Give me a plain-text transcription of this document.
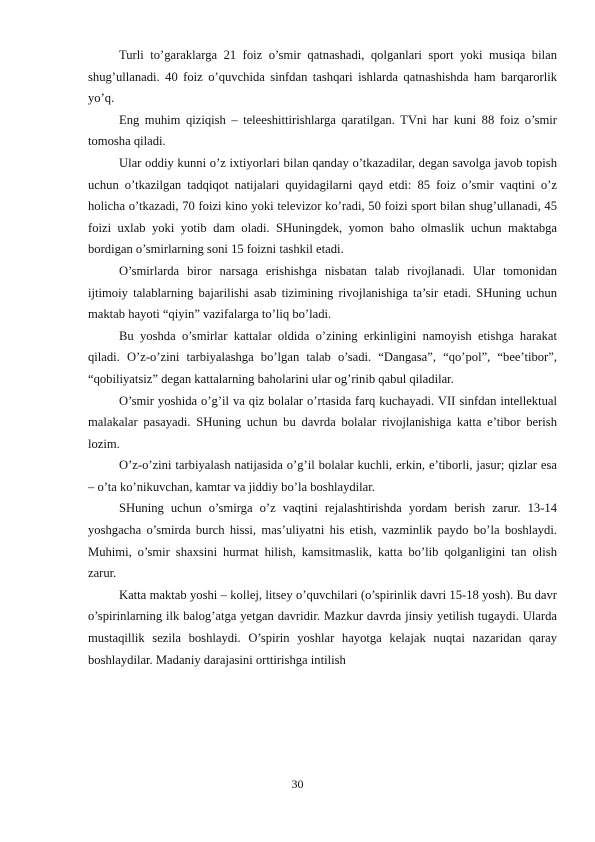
Turli to’garaklarga 21 foiz o’smir qatnashadi, qolganlari sport yoki musiqa bilan shug’ullanadi. 40 foiz o’quvchida sinfdan tashqari ishlarda qatnashishda ham barqarorlik yo’q.

Eng muhim qiziqish – teleeshittirishlarga qaratilgan. TVni har kuni 88 foiz o’smir tomosha qiladi.

Ular oddiy kunni o’z ixtiyorlari bilan qanday o’tkazadilar, degan savolga javob topish uchun o’tkazilgan tadqiqot natijalari quyidagilarni qayd etdi: 85 foiz o’smir vaqtini o’z holicha o’tkazadi, 70 foizi kino yoki televizor ko’radi, 50 foizi sport bilan shug’ullanadi, 45 foizi uxlab yoki yotib dam oladi. SHuningdek, yomon baho olmaslik uchun maktabga bordigan o’smirlarning soni 15 foizni tashkil etadi.

O’smirlarda biror narsaga erishishga nisbatan talab rivojlanadi. Ular tomonidan ijtimoiy talablarning bajarilishi asab tizimining rivojlanishiga ta’sir etadi. SHuning uchun maktab hayoti “qiyin” vazifalarga to’liq bo’ladi.

Bu yoshda o’smirlar kattalar oldida o’zining erkinligini namoyish etishga harakat qiladi. O’z-o’zini tarbiyalashga bo’lgan talab o’sadi. “Dangasa”, “qo’pol”, “bee’tibor”, “qobiliyatsiz” degan kattalarning baholarini ular og’rinib qabul qiladilar.

O’smir yoshida o’g’il va qiz bolalar o’rtasida farq kuchayadi. VII sinfdan intellektual malakalar pasayadi. SHuning uchun bu davrda bolalar rivojlanishiga katta e’tibor berish lozim.

O’z-o’zini tarbiyalash natijasida o’g’il bolalar kuchli, erkin, e’tiborli, jasur; qizlar esa – o’ta ko’nikuvchan, kamtar va jiddiy bo’la boshlaydilar.

SHuning uchun o’smirga o’z vaqtini rejalashtirishda yordam berish zarur. 13-14 yoshgacha o’smirda burch hissi, mas’uliyatni his etish, vazminlik paydo bo’la boshlaydi. Muhimi, o’smir shaxsini hurmat hilish, kamsitmaslik, katta bo’lib qolganligini tan olish zarur.

Katta maktab yoshi – kollej, litsey o’quvchilari (o’spirinlik davri 15-18 yosh). Bu davr o’spirinlarning ilk balog’atga yetgan davridir. Mazkur davrda jinsiy yetilish tugaydi. Ularda mustaqillik sezila boshlaydi. O’spirin yoshlar hayotga kelajak nuqtai nazaridan qaray boshlaydilar. Madaniy darajasini orttirishga intilish

30
